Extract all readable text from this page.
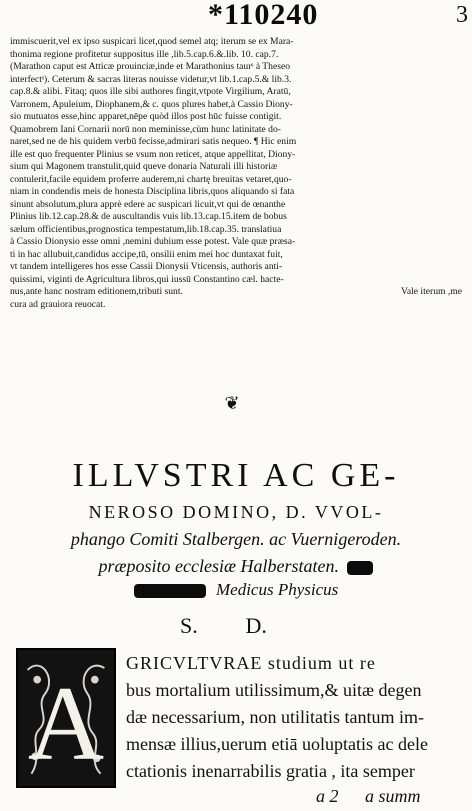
*110240	3
immiscuerit,vel ex ipso suspicari licet,quod semel atq; iterum se ex Mara-
thonima regione profitetur suppositus ille ,lib.5.cap.6.&.lib. 10. cap.7.
(Marathon caput est Atticæ prouinciæ,inde et Marathonius taurˢ à Theseo
interfectˢ). Ceterum & sacras literas nouisse videtur,vt lib.1.cap.5.& lib.3.
cap.8.& alibi. Fitaq; quos ille sibi authores fingit,vtpote Virgilium, Aratū,
Varronem, Apuleium, Diophanem,& c. quos plures habet,à Cassio Diony-
sio mutuatos esse,hinc apparet,nēpe quòd illos post hūc fuisse contigit.
Quamobrem Iani Cornarii norū non meminisse,cùm hunc latinitate do-
naret,sed ne de his quidem verbū fecisse,admirari satis nequeo. ¶ Hic enim
ille est quo frequenter Plinius se vsum non reticet, atque appellitat, Diony-
sium qui Magonem transtulit,quid queve donaria Naturali illi historiæ
contulerit,facile equidem proferre auderem,ni chartę breuitas vetaret,quo-
niam in condendis meis de honesta Disciplina libris,quos aliquando si fata
sinunt absolutum,plura apprè edere ac suspicari licuit,vt qui de œnanthe
Plinius lib.12.cap.28.& de auscultandis vuis lib.13.cap.15.item de bobus
sælum officientibus,prognostica tempestatum,lib.18.cap.35. translatiua
à Cassio Dionysio esse omni ,nemini dubium esse potest. Vale quæ præsa-
ti in hac allubuit,candidus accipe,tū, onsilii enim mei hoc duntaxat fuit,
vt tandem intelligeres hos esse Cassii Dionysii Vticensis, authoris anti-
quissimi, viginti de Agricultura libros,qui iussū Constantino cæl. hacte-
nus,ante hanc nostram editionem,tributi sunt.	Vale iterum ,me
cura ad grauiora reuocat.
❦
ILLVSTRI AC GE-
NEROSO DOMINO, D. VVOL-
phango Comiti Stalbergen. ac Vuernigeroden.
præposito ecclesiæ Halberstaten.
Medicus Physicus
S. D.
A
GRICVLTVRAE studium ut re
bus mortalium utilissimum,& uitæ degen
dæ necessarium, non utilitatis tantum im-
mensæ illius,uerum etiā uoluptatis ac dele
ctationis inenarrabilis gratia , ita semper
a 2 a summ
